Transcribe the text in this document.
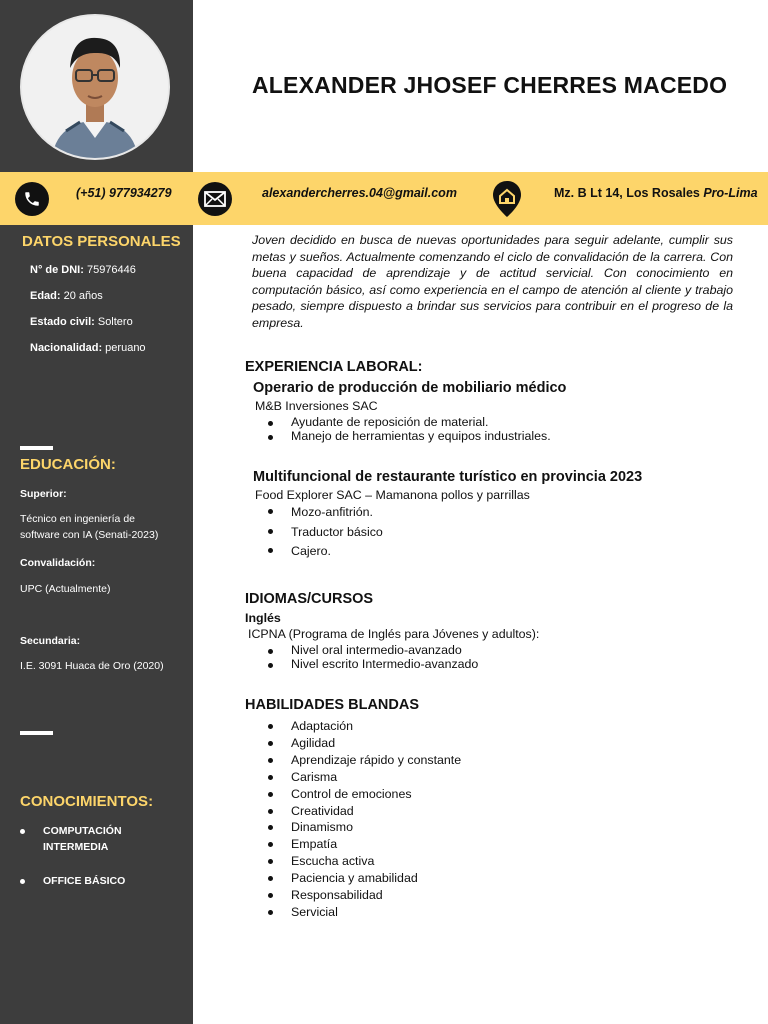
ALEXANDER JHOSEF CHERRES MACEDO
(+51) 977934279	alexandercherres.04@gmail.com	Mz. B Lt 14, Los Rosales Pro-Lima
DATOS PERSONALES
N° de DNI: 75976446
Edad: 20 años
Estado civil: Soltero
Nacionalidad: peruano
EDUCACIÓN:
Superior:
Técnico en ingeniería de
software con IA (Senati-2023)
Convalidación:
UPC (Actualmente)
Secundaria:
I.E. 3091 Huaca de Oro (2020)
CONOCIMIENTOS:
COMPUTACIÓN
INTERMEDIA
OFFICE BÁSICO

Joven decidido en busca de nuevas oportunidades para seguir adelante, cumplir sus metas y sueños. Actualmente comenzando el ciclo de convalidación de la carrera. Con buena capacidad de aprendizaje y de actitud servicial. Con conocimiento en computación básico, así como experiencia en el campo de atención al cliente y trabajo pesado, siempre dispuesto a brindar sus servicios para contribuir en el progreso de la empresa.

EXPERIENCIA LABORAL:
Operario de producción de mobiliario médico
M&B Inversiones SAC
Ayudante de reposición de material.
Manejo de herramientas y equipos industriales.
Multifuncional de restaurante turístico en provincia 2023
Food Explorer SAC – Mamanona pollos y parrillas
Mozo-anfitrión.
Traductor básico
Cajero.
IDIOMAS/CURSOS
Inglés
ICPNA (Programa de Inglés para Jóvenes y adultos):
Nivel oral intermedio-avanzado
Nivel escrito Intermedio-avanzado
HABILIDADES BLANDAS
Adaptación
Agilidad
Aprendizaje rápido y constante
Carisma
Control de emociones
Creatividad
Dinamismo
Empatía
Escucha activa
Paciencia y amabilidad
Responsabilidad
Servicial
